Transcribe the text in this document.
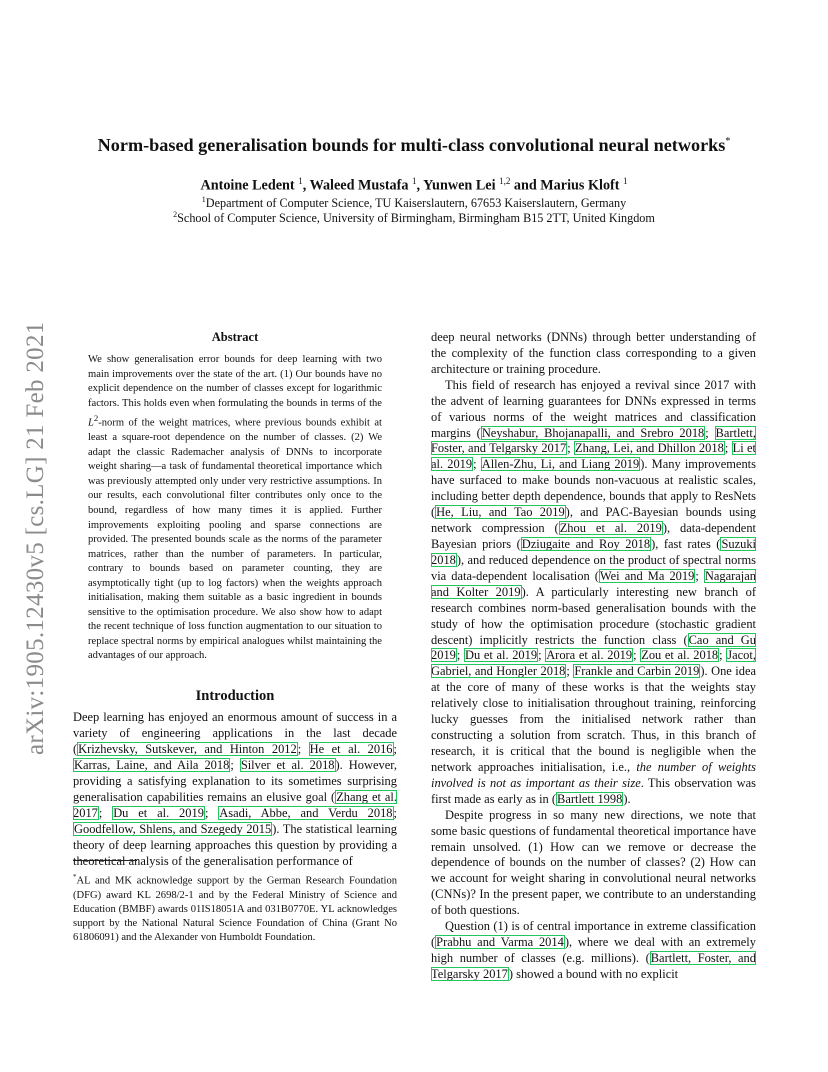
arXiv:1905.12430v5 [cs.LG] 21 Feb 2021
Norm-based generalisation bounds for multi-class convolutional neural networks*
Antoine Ledent $^1$, Waleed Mustafa $^1$, Yunwen Lei $^{1,2}$ and Marius Kloft $^1$
$^1$Department of Computer Science, TU Kaiserslautern, 67653 Kaiserslautern, Germany
$^2$School of Computer Science, University of Birmingham, Birmingham B15 2TT, United Kingdom
Abstract
We show generalisation error bounds for deep learning with two main improvements over the state of the art. (1) Our bounds have no explicit dependence on the number of classes except for logarithmic factors. This holds even when formulating the bounds in terms of the $L^2$-norm of the weight matrices, where previous bounds exhibit at least a square-root dependence on the number of classes. (2) We adapt the classic Rademacher analysis of DNNs to incorporate weight sharing—a task of fundamental theoretical importance which was previously attempted only under very restrictive assumptions. In our results, each convolutional filter contributes only once to the bound, regardless of how many times it is applied. Further improvements exploiting pooling and sparse connections are provided. The presented bounds scale as the norms of the parameter matrices, rather than the number of parameters. In particular, contrary to bounds based on parameter counting, they are asymptotically tight (up to log factors) when the weights approach initialisation, making them suitable as a basic ingredient in bounds sensitive to the optimisation procedure. We also show how to adapt the recent technique of loss function augmentation to our situation to replace spectral norms by empirical analogues whilst maintaining the advantages of our approach.
Introduction
Deep learning has enjoyed an enormous amount of success in a variety of engineering applications in the last decade (Krizhevsky, Sutskever, and Hinton 2012; He et al. 2016; Karras, Laine, and Aila 2018; Silver et al. 2018). However, providing a satisfying explanation to its sometimes surprising generalisation capabilities remains an elusive goal (Zhang et al. 2017; Du et al. 2019; Asadi, Abbe, and Verdu 2018; Goodfellow, Shlens, and Szegedy 2015). The statistical learning theory of deep learning approaches this question by providing a theoretical analysis of the generalisation performance of
*AL and MK acknowledge support by the German Research Foundation (DFG) award KL 2698/2-1 and by the Federal Ministry of Science and Education (BMBF) awards 01IS18051A and 031B0770E. YL acknowledges support by the National Natural Science Foundation of China (Grant No 61806091) and the Alexander von Humboldt Foundation.

deep neural networks (DNNs) through better understanding of the complexity of the function class corresponding to a given architecture or training procedure.

This field of research has enjoyed a revival since 2017 with the advent of learning guarantees for DNNs expressed in terms of various norms of the weight matrices and classification margins (Neyshabur, Bhojanapalli, and Srebro 2018; Bartlett, Foster, and Telgarsky 2017; Zhang, Lei, and Dhillon 2018; Li et al. 2019; Allen-Zhu, Li, and Liang 2019). Many improvements have surfaced to make bounds non-vacuous at realistic scales, including better depth dependence, bounds that apply to ResNets (He, Liu, and Tao 2019), and PAC-Bayesian bounds using network compression (Zhou et al. 2019), data-dependent Bayesian priors (Dziugaite and Roy 2018), fast rates (Suzuki 2018), and reduced dependence on the product of spectral norms via data-dependent localisation (Wei and Ma 2019; Nagarajan and Kolter 2019). A particularly interesting new branch of research combines norm-based generalisation bounds with the study of how the optimisation procedure (stochastic gradient descent) implicitly restricts the function class (Cao and Gu 2019; Du et al. 2019; Arora et al. 2019; Zou et al. 2018; Jacot, Gabriel, and Hongler 2018; Frankle and Carbin 2019). One idea at the core of many of these works is that the weights stay relatively close to initialisation throughout training, reinforcing lucky guesses from the initialised network rather than constructing a solution from scratch. Thus, in this branch of research, it is critical that the bound is negligible when the network approaches initialisation, i.e., the number of weights involved is not as important as their size. This observation was first made as early as in (Bartlett 1998).

Despite progress in so many new directions, we note that some basic questions of fundamental theoretical importance have remain unsolved. (1) How can we remove or decrease the dependence of bounds on the number of classes? (2) How can we account for weight sharing in convolutional neural networks (CNNs)? In the present paper, we contribute to an understanding of both questions.

Question (1) is of central importance in extreme classification (Prabhu and Varma 2014), where we deal with an extremely high number of classes (e.g. millions). (Bartlett, Foster, and Telgarsky 2017) showed a bound with no explicit
